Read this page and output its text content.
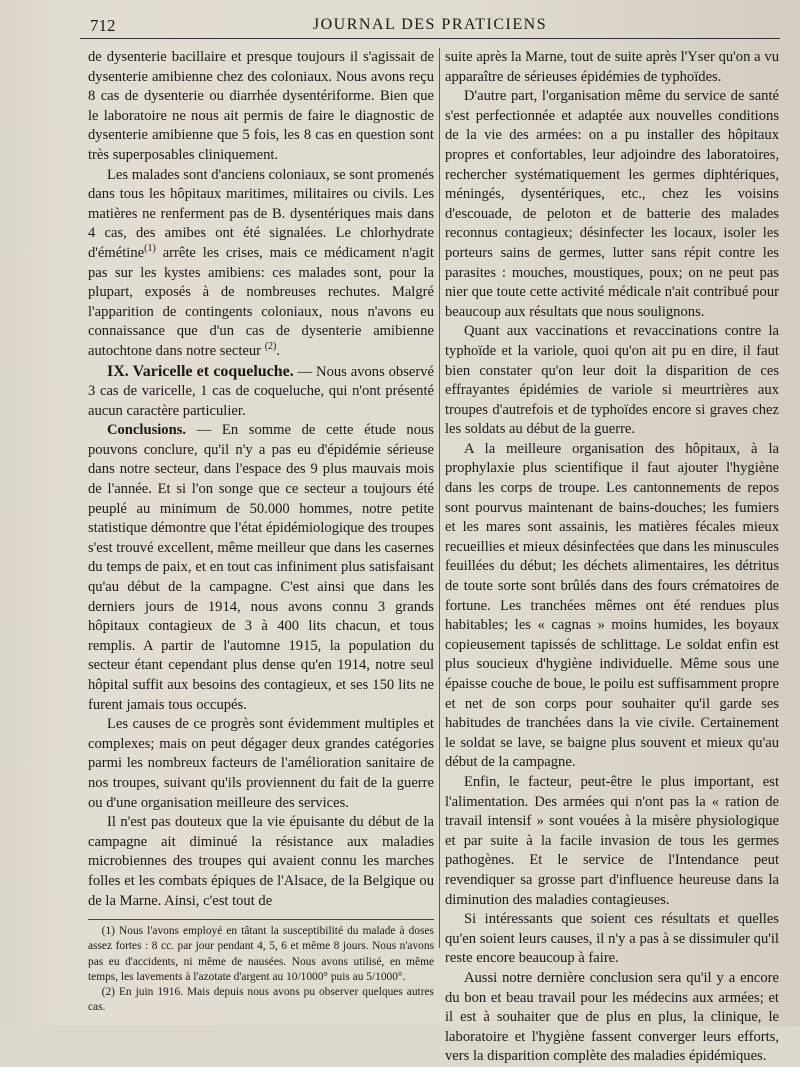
712	JOURNAL DES PRATICIENS

de dysenterie bacillaire et presque toujours il s'agissait de dysenterie amibienne chez des coloniaux. Nous avons reçu 8 cas de dysenterie ou diarrhée dysentériforme. Bien que le laboratoire ne nous ait permis de faire le diagnostic de dysenterie amibienne que 5 fois, les 8 cas en question sont très superposables cliniquement.

Les malades sont d'anciens coloniaux, se sont promenés dans tous les hôpitaux maritimes, militaires ou civils. Les matières ne renferment pas de B. dysentériques mais dans 4 cas, des amibes ont été signalées. Le chlorhydrate d'émétine$^{(1)}$ arrête les crises, mais ce médicament n'agit pas sur les kystes amibiens: ces malades sont, pour la plupart, exposés à de nombreuses rechutes. Malgré l'apparition de contingents coloniaux, nous n'avons eu connaissance que d'un cas de dysenterie amibienne autochtone dans notre secteur $^{(2)}$.

IX. Varicelle et coqueluche. — Nous avons observé 3 cas de varicelle, 1 cas de coqueluche, qui n'ont présenté aucun caractère particulier.

Conclusions. — En somme de cette étude nous pouvons conclure, qu'il n'y a pas eu d'épidémie sérieuse dans notre secteur, dans l'espace des 9 plus mauvais mois de l'année. Et si l'on songe que ce secteur a toujours été peuplé au minimum de 50.000 hommes, notre petite statistique démontre que l'état épidémiologique des troupes s'est trouvé excellent, même meilleur que dans les casernes du temps de paix, et en tout cas infiniment plus satisfaisant qu'au début de la campagne. C'est ainsi que dans les derniers jours de 1914, nous avons connu 3 grands hôpitaux contagieux de 3 à 400 lits chacun, et tous remplis. A partir de l'automne 1915, la population du secteur étant cependant plus dense qu'en 1914, notre seul hôpital suffit aux besoins des contagieux, et ses 150 lits ne furent jamais tous occupés.

Les causes de ce progrès sont évidemment multiples et complexes; mais on peut dégager deux grandes catégories parmi les nombreux facteurs de l'amélioration sanitaire de nos troupes, suivant qu'ils proviennent du fait de la guerre ou d'une organisation meilleure des services.

Il n'est pas douteux que la vie épuisante du début de la campagne ait diminué la résistance aux maladies microbiennes des troupes qui avaient connu les marches folles et les combats épiques de l'Alsace, de la Belgique ou de la Marne. Ainsi, c'est tout de

(1) Nous l'avons employé en tâtant la susceptibilité du malade à doses assez fortes : 8 cc. par jour pendant 4, 5, 6 et même 8 jours. Nous n'avons pas eu d'accidents, ni même de nausées. Nous avons utilisé, en même temps, les lavements à l'azotate d'argent au 10/1000° puis au 5/1000°.

(2) En juin 1916. Mais depuis nous avons pu observer quelques autres cas.

suite après la Marne, tout de suite après l'Yser qu'on a vu apparaître de sérieuses épidémies de typhoïdes.

D'autre part, l'organisation même du service de santé s'est perfectionnée et adaptée aux nouvelles conditions de la vie des armées: on a pu installer des hôpitaux propres et confortables, leur adjoindre des laboratoires, rechercher systématiquement les germes diphtériques, méningés, dysentériques, etc., chez les voisins d'escouade, de peloton et de batterie des malades reconnus contagieux; désinfecter les locaux, isoler les porteurs sains de germes, lutter sans répit contre les parasites : mouches, moustiques, poux; on ne peut pas nier que toute cette activité médicale n'ait contribué pour beaucoup aux résultats que nous soulignons.

Quant aux vaccinations et revaccinations contre la typhoïde et la variole, quoi qu'on ait pu en dire, il faut bien constater qu'on leur doit la disparition de ces effrayantes épidémies de variole si meurtrières aux troupes d'autrefois et de typhoïdes encore si graves chez les soldats au début de la guerre.

A la meilleure organisation des hôpitaux, à la prophylaxie plus scientifique il faut ajouter l'hygiène dans les corps de troupe. Les cantonnements de repos sont pourvus maintenant de bains-douches; les fumiers et les mares sont assainis, les matières fécales mieux recueillies et mieux désinfectées que dans les minuscules feuillées du début; les déchets alimentaires, les détritus de toute sorte sont brûlés dans des fours crématoires de fortune. Les tranchées mêmes ont été rendues plus habitables; les « cagnas » moins humides, les boyaux copieusement tapissés de schlittage. Le soldat enfin est plus soucieux d'hygiène individuelle. Même sous une épaisse couche de boue, le poilu est suffisamment propre et net de son corps pour souhaiter qu'il garde ses habitudes de tranchées dans la vie civile. Certainement le soldat se lave, se baigne plus souvent et mieux qu'au début de la campagne.

Enfin, le facteur, peut-être le plus important, est l'alimentation. Des armées qui n'ont pas la « ration de travail intensif » sont vouées à la misère physiologique et par suite à la facile invasion de tous les germes pathogènes. Et le service de l'Intendance peut revendiquer sa grosse part d'influence heureuse dans la diminution des maladies contagieuses.

Si intéressants que soient ces résultats et quelles qu'en soient leurs causes, il n'y a pas à se dissimuler qu'il reste encore beaucoup à faire.

Aussi notre dernière conclusion sera qu'il y a encore du bon et beau travail pour les médecins aux armées; et il est à souhaiter que de plus en plus, la clinique, le laboratoire et l'hygiène fassent converger leurs efforts, vers la disparition complète des maladies épidémiques.
